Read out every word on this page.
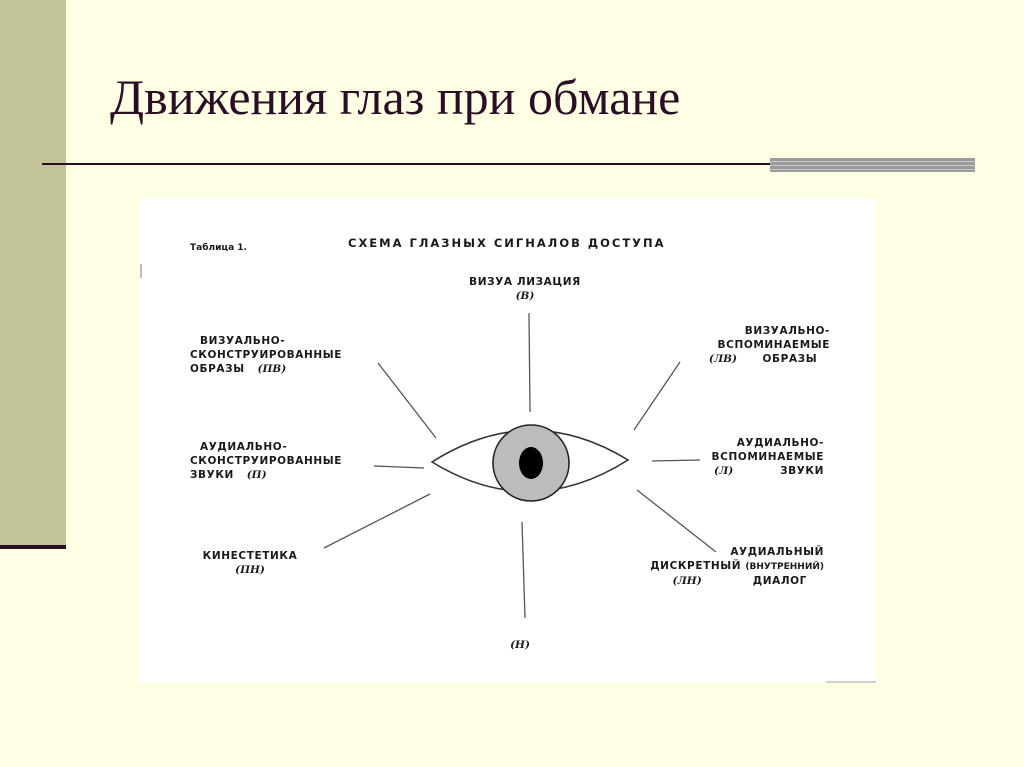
Движения глаз при обмане
Таблица 1.	СХЕМА ГЛАЗНЫХ СИГНАЛОВ ДОСТУПА
ВИЗУА ЛИЗАЦИЯ
(В)
ВИЗУАЛЬНО-
СКОНСТРУИРОВАННЫЕ
ОБРАЗЫ (ПВ)
ВИЗУАЛЬНО-
ВСПОМИНАЕМЫЕ
(ЛВ) ОБРАЗЫ
АУДИАЛЬНО-
СКОНСТРУИРОВАННЫЕ
ЗВУКИ (П)
АУДИАЛЬНО-
ВСПОМИНАЕМЫЕ
(Л)	ЗВУКИ
КИНЕСТЕТИКА
(ПН)
АУДИАЛЬНЫЙ
ДИСКРЕТНЫЙ (ВНУТРЕННИЙ)
(ЛН)	ДИАЛОГ
(Н)
